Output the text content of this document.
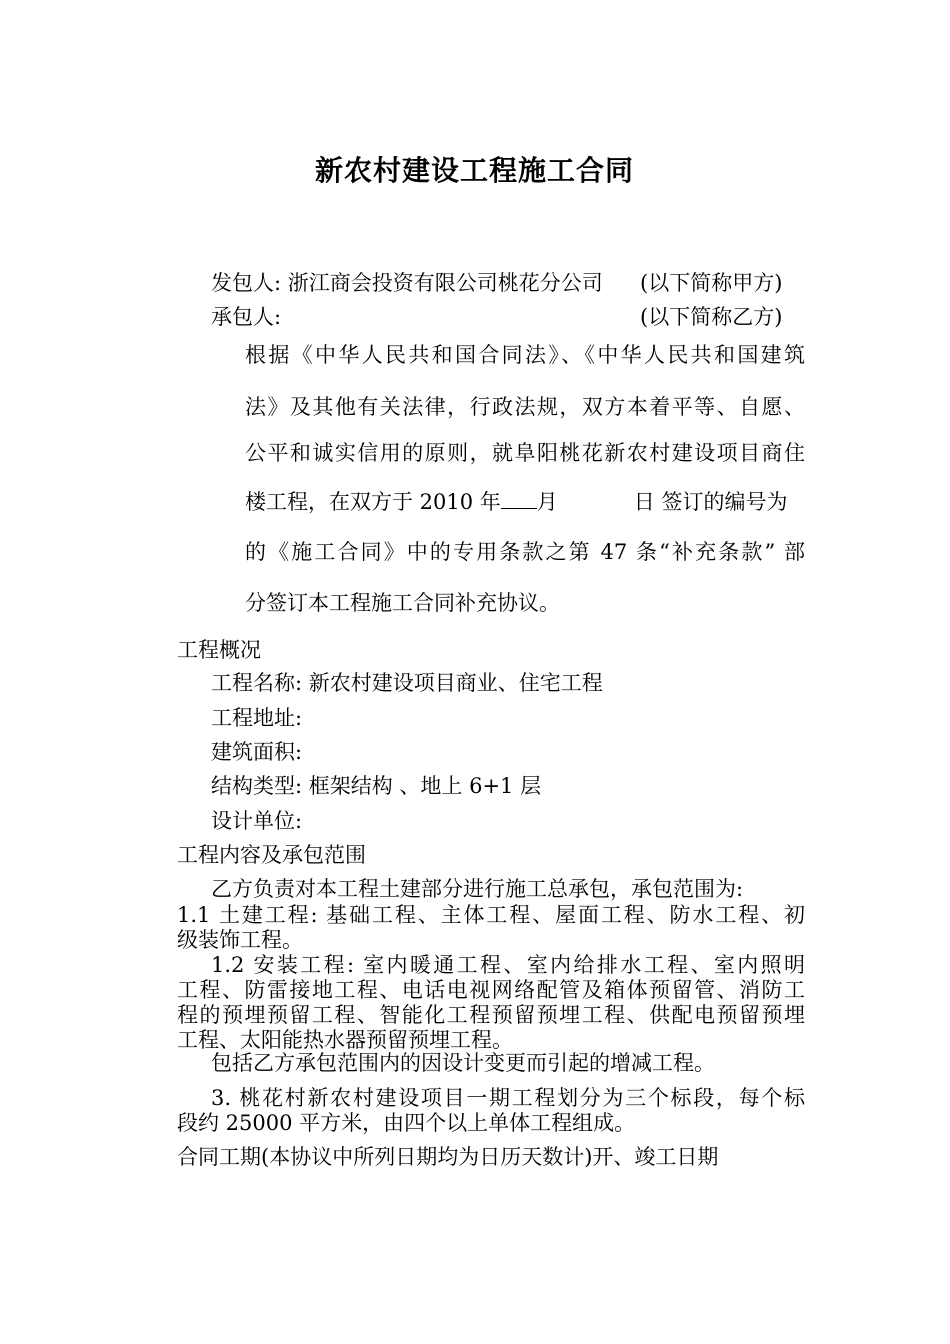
新农村建设工程施工合同
发包人: 浙江商会投资有限公司桃花分公司 (以下简称甲方)
承包人:	(以下简称乙方)
根据《中华人民共和国合同法》、《中华人民共和国建筑
法》及其他有关法律，行政法规，双方本着平等、自愿、
公平和诚实信用的原则，就阜阳桃花新农村建设项目商住
楼工程，在双方于 2010 年 月	日 签订的编号为
的《施工合同》中的专用条款之第 47 条“补充条款” 部
分签订本工程施工合同补充协议。
工程概况
工程名称: 新农村建设项目商业、住宅工程
工程地址:
建筑面积:
结构类型: 框架结构 、地上 6+1 层
设计单位:
工程内容及承包范围
乙方负责对本工程土建部分进行施工总承包，承包范围为:
1.1 土建工程: 基础工程、主体工程、屋面工程、防水工程、初
级装饰工程。
1.2 安装工程: 室内暖通工程、室内给排水工程、室内照明
工程、防雷接地工程、电话电视网络配管及箱体预留管、消防工
程的预埋预留工程、智能化工程预留预埋工程、供配电预留预埋
工程、太阳能热水器预留预埋工程。
包括乙方承包范围内的因设计变更而引起的增减工程。
3. 桃花村新农村建设项目一期工程划分为三个标段，每个标
段约 25000 平方米，由四个以上单体工程组成。
合同工期(本协议中所列日期均为日历天数计)开、竣工日期
